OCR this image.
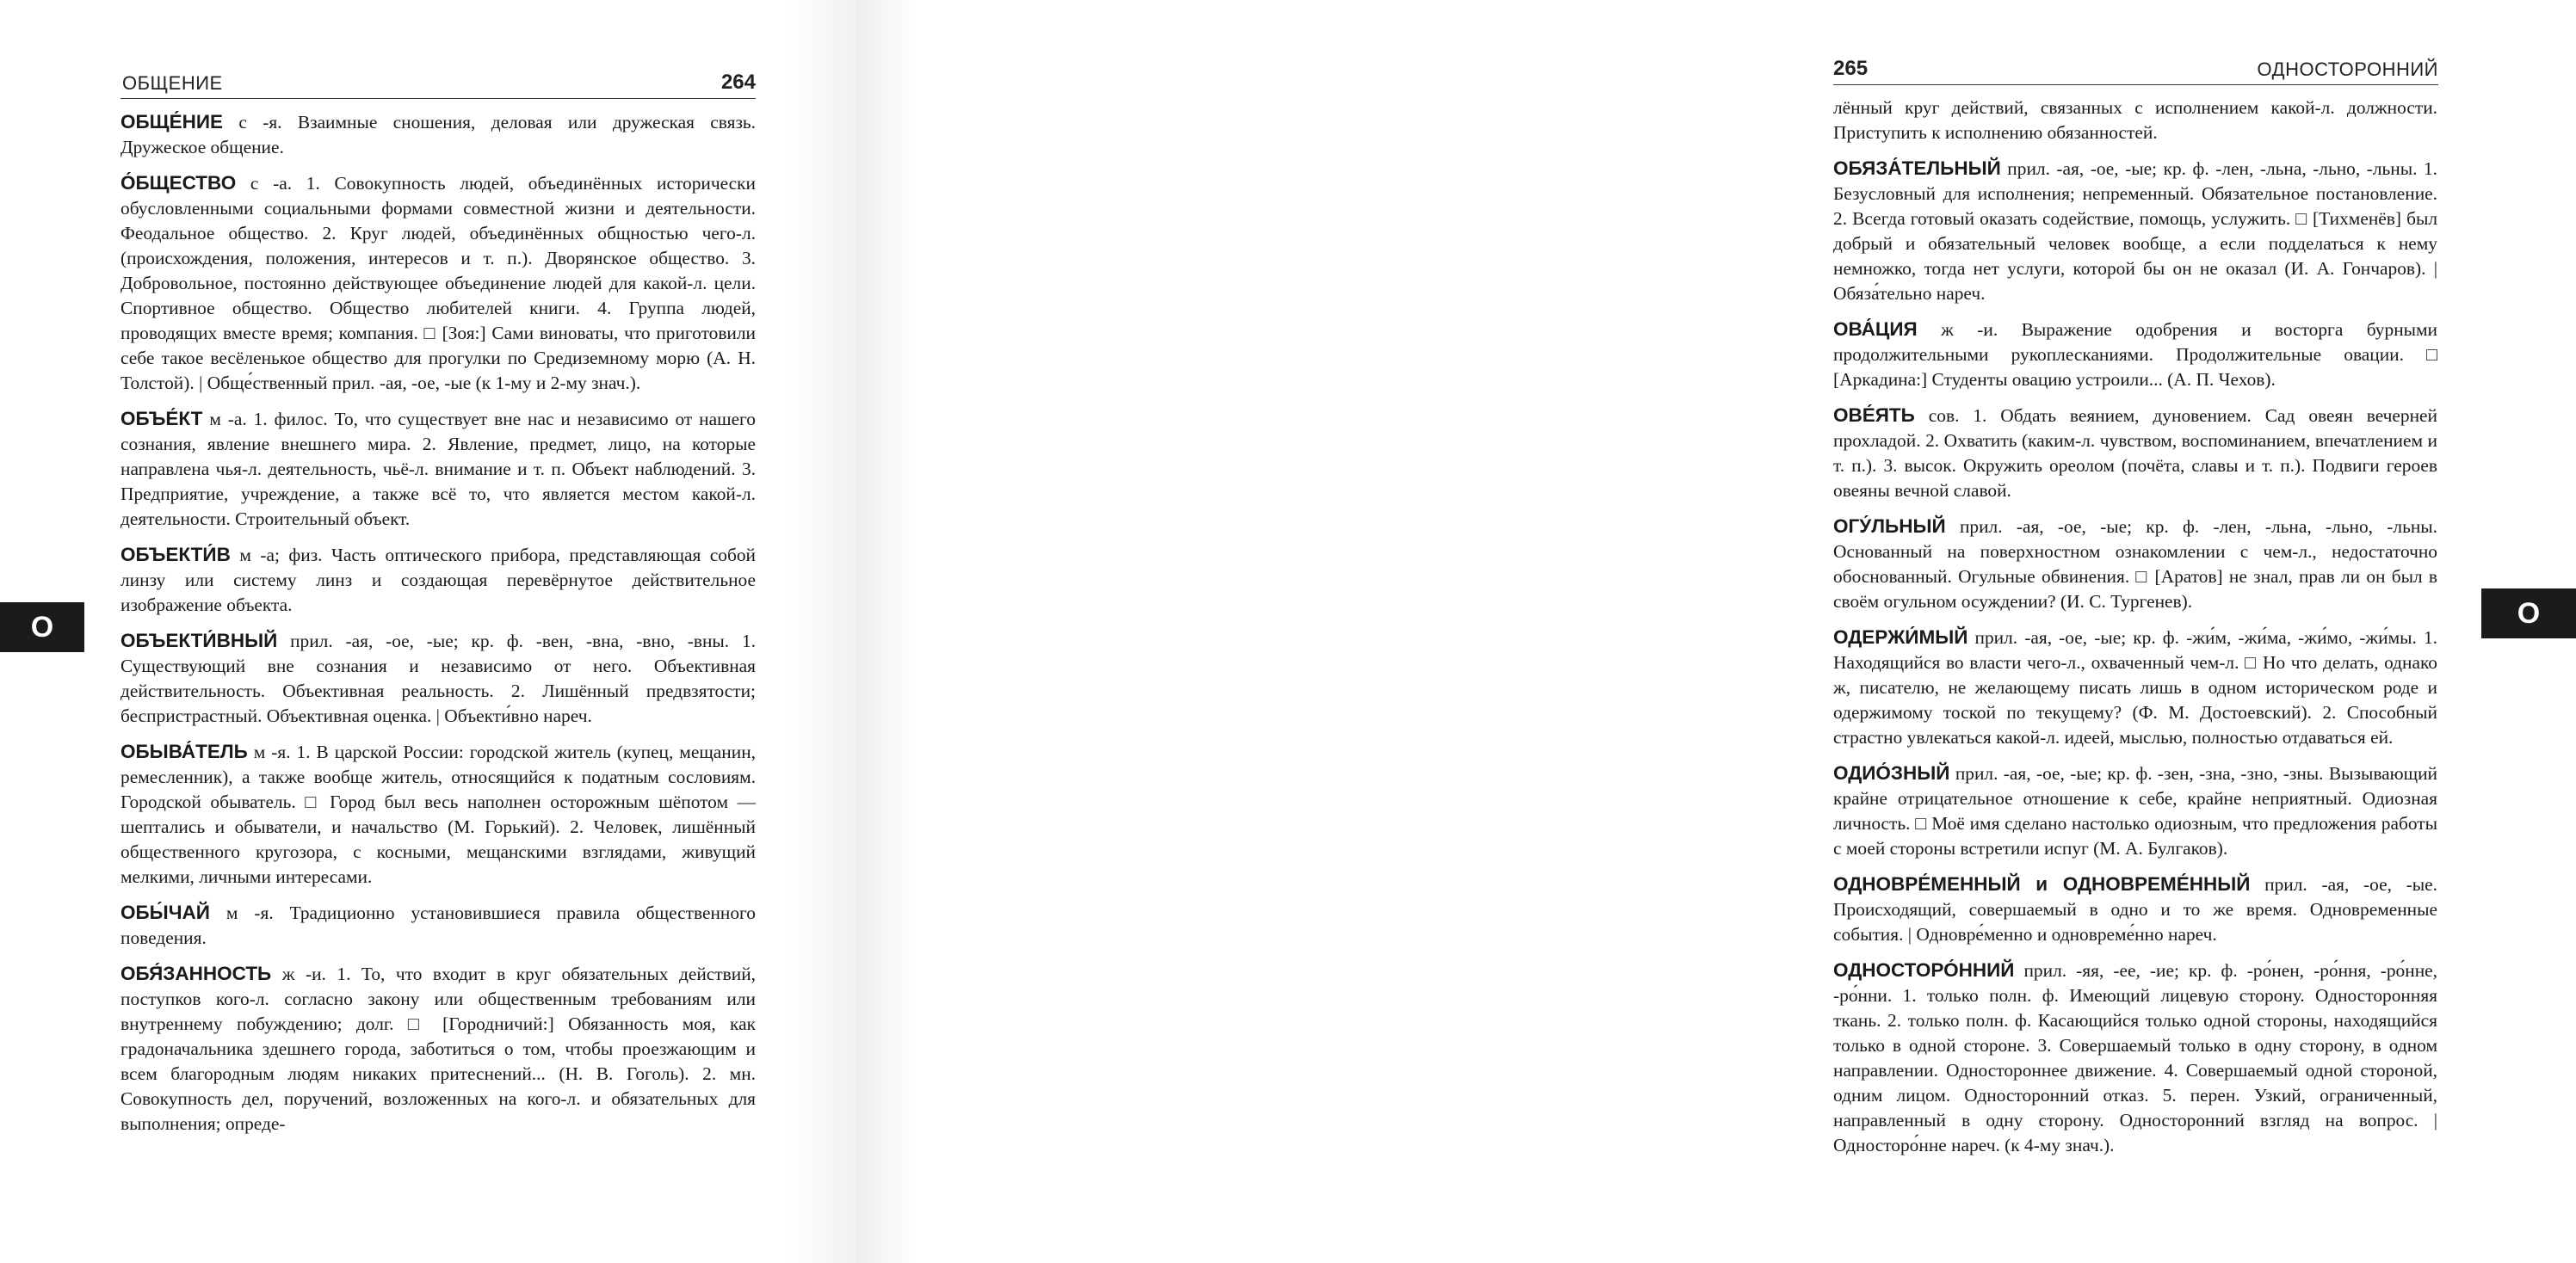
ОБЩЕНИЕ	264

ОБЩЕ́НИЕ с -я. Взаимные сношения, деловая или дружеская связь. Дружеское общение.

О́БЩЕСТВО с -а. 1. Совокупность людей, объединённых исторически обусловленными социальными формами совместной жизни и деятельности. Феодальное общество. 2. Круг людей, объединённых общностью чего-л. (происхождения, положения, интересов и т. п.). Дворянское общество. 3. Добровольное, постоянно действующее объединение людей для какой-л. цели. Спортивное общество. Общество любителей книги. 4. Группа людей, проводящих вместе время; компания. □ [Зоя:] Сами виноваты, что приготовили себе такое весёленькое общество для прогулки по Средиземному морю (А. Н. Толстой). | Обще́ственный прил. -ая, -ое, -ые (к 1-му и 2-му знач.).

ОБЪЕ́КТ м -а. 1. филос. То, что существует вне нас и независимо от нашего сознания, явление внешнего мира. 2. Явление, предмет, лицо, на которые направлена чья-л. деятельность, чьё-л. внимание и т. п. Объект наблюдений. 3. Предприятие, учреждение, а также всё то, что является местом какой-л. деятельности. Строительный объект.

ОБЪЕКТИ́В м -а; физ. Часть оптического прибора, представляющая собой линзу или систему линз и создающая перевёрнутое действительное изображение объекта.

ОБЪЕКТИ́ВНЫЙ прил. -ая, -ое, -ые; кр. ф. -вен, -вна, -вно, -вны. 1. Существующий вне сознания и независимо от него. Объективная действительность. Объективная реальность. 2. Лишённый предвзятости; беспристрастный. Объективная оценка. | Объекти́вно нареч.

ОБЫВА́ТЕЛЬ м -я. 1. В царской России: городской житель (купец, мещанин, ремесленник), а также вообще житель, относящийся к податным сословиям. Городской обыватель. □ Город был весь наполнен осторожным шёпотом — шептались и обыватели, и начальство (М. Горький). 2. Человек, лишённый общественного кругозора, с косными, мещанскими взглядами, живущий мелкими, личными интересами.

ОБЫ́ЧАЙ м -я. Традиционно установившиеся правила общественного поведения.

ОБЯ́ЗАННОСТЬ ж -и. 1. То, что входит в круг обязательных действий, поступков кого-л. согласно закону или общественным требованиям или внутреннему побуждению; долг. □ [Городничий:] Обязанность моя, как градоначальника здешнего города, заботиться о том, чтобы проезжающим и всем благородным людям никаких притеснений... (Н. В. Гоголь). 2. мн. Совокупность дел, поручений, возложенных на кого-л. и обязательных для выполнения; опреде-

О
265	ОДНОСТОРОННИЙ

лённый круг действий, связанных с исполнением какой-л. должности. Приступить к исполнению обязанностей.

ОБЯЗА́ТЕЛЬНЫЙ прил. -ая, -ое, -ые; кр. ф. -лен, -льна, -льно, -льны. 1. Безусловный для исполнения; непременный. Обязательное постановление. 2. Всегда готовый оказать содействие, помощь, услужить. □ [Тихменёв] был добрый и обязательный человек вообще, а если подделаться к нему немножко, тогда нет услуги, которой бы он не оказал (И. А. Гончаров). | Обяза́тельно нареч.

ОВА́ЦИЯ ж -и. Выражение одобрения и восторга бурными продолжительными рукоплесканиями. Продолжительные овации. □ [Аркадина:] Студенты овацию устроили... (А. П. Чехов).

ОВЕ́ЯТЬ сов. 1. Обдать веянием, дуновением. Сад овеян вечерней прохладой. 2. Охватить (каким-л. чувством, воспоминанием, впечатлением и т. п.). 3. высок. Окружить ореолом (почёта, славы и т. п.). Подвиги героев овеяны вечной славой.

ОГУ́ЛЬНЫЙ прил. -ая, -ое, -ые; кр. ф. -лен, -льна, -льно, -льны. Основанный на поверхностном ознакомлении с чем-л., недостаточно обоснованный. Огульные обвинения. □ [Аратов] не знал, прав ли он был в своём огульном осуждении? (И. С. Тургенев).

ОДЕРЖИ́МЫЙ прил. -ая, -ое, -ые; кр. ф. -жи́м, -жи́ма, -жи́мо, -жи́мы. 1. Находящийся во власти чего-л., охваченный чем-л. □ Но что делать, однако ж, писателю, не желающему писать лишь в одном историческом роде и одержимому тоской по текущему? (Ф. М. Достоевский). 2. Способный страстно увлекаться какой-л. идеей, мыслью, полностью отдаваться ей.

ОДИО́ЗНЫЙ прил. -ая, -ое, -ые; кр. ф. -зен, -зна, -зно, -зны. Вызывающий крайне отрицательное отношение к себе, крайне неприятный. Одиозная личность. □ Моё имя сделано настолько одиозным, что предложения работы с моей стороны встретили испуг (М. А. Булгаков).

ОДНОВРЕ́МЕННЫЙ и ОДНОВРЕМЕ́ННЫЙ прил. -ая, -ое, -ые. Происходящий, совершаемый в одно и то же время. Одновременные события. | Одновре́менно и одновреме́нно нареч.

ОДНОСТОРО́ННИЙ прил. -яя, -ее, -ие; кр. ф. -ро́нен, -ро́ння, -ро́нне, -ро́нни. 1. только полн. ф. Имеющий лицевую сторону. Односторонняя ткань. 2. только полн. ф. Касающийся только одной стороны, находящийся только в одной стороне. 3. Совершаемый только в одну сторону, в одном направлении. Одностороннее движение. 4. Совершаемый одной стороной, одним лицом. Односторонний отказ. 5. перен. Узкий, ограниченный, направленный в одну сторону. Односторонний взгляд на вопрос. | Односторо́нне нареч. (к 4-му знач.).

О
